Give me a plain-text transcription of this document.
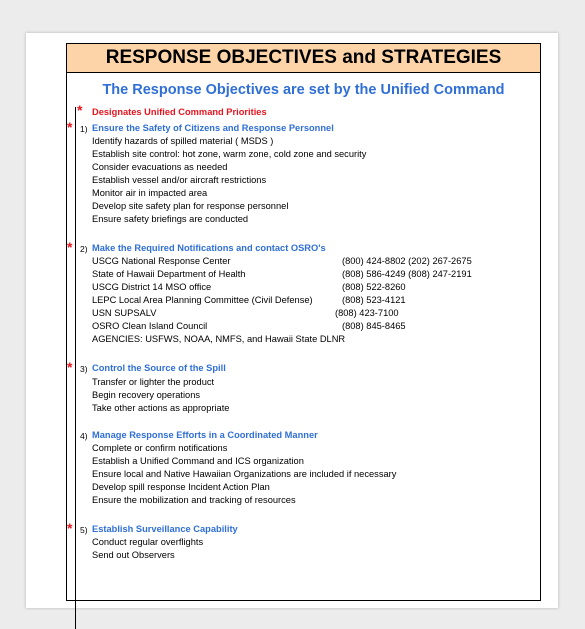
RESPONSE OBJECTIVES and STRATEGIES
The Response Objectives are set by the Unified Command
* Designates Unified Command Priorities
* 1) Ensure the Safety of Citizens and Response Personnel
Identify hazards of spilled material ( MSDS )
Establish site control: hot zone, warm zone, cold zone and security
Consider evacuations as needed
Establish vessel and/or aircraft restrictions
Monitor air in impacted area
Develop site safety plan for response personnel
Ensure safety briefings are conducted
* 2) Make the Required Notifications and contact OSRO's
USCG National Response Center	(800) 424-8802 (202) 267-2675
State of Hawaii Department of Health	(808) 586-4249 (808) 247-2191
USCG District 14 MSO office	(808) 522-8260
LEPC Local Area Planning Committee (Civil Defense)	(808) 523-4121
USN SUPSALV	(808) 423-7100
OSRO Clean Island Council	(808) 845-8465
AGENCIES: USFWS, NOAA, NMFS, and Hawaii State DLNR
* 3) Control the Source of the Spill
Transfer or lighter the product
Begin recovery operations
Take other actions as appropriate
4) Manage Response Efforts in a Coordinated Manner
Complete or confirm notifications
Establish a Unified Command and ICS organization
Ensure local and Native Hawaiian Organizations are included if necessary
Develop spill response Incident Action Plan
Ensure the mobilization and tracking of resources
* 5) Establish Surveillance Capability
Conduct regular overflights
Send out Observers
